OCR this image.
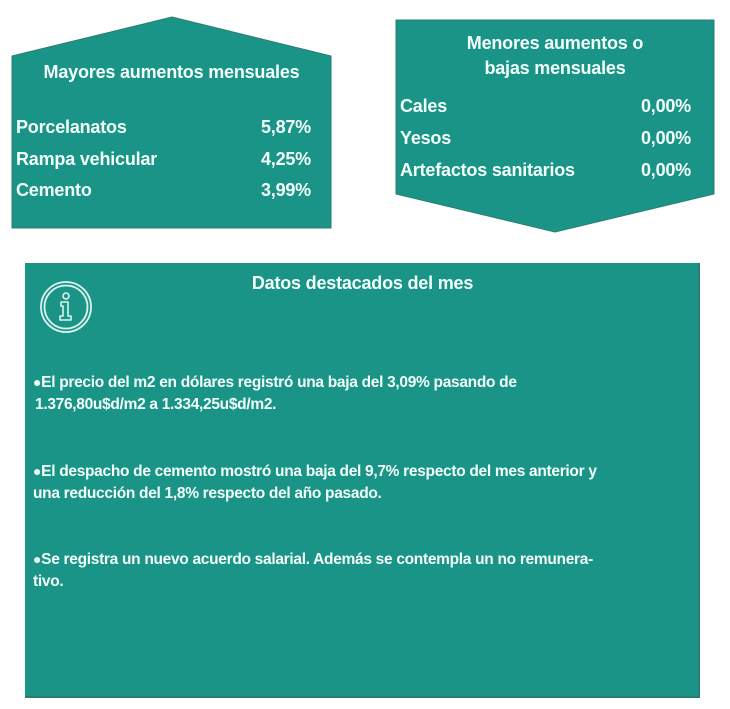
Mayores aumentos mensuales
Porcelanatos	5,87%
Rampa vehicular	4,25%
Cemento	3,99%
Menores aumentos o
bajas mensuales
Cales	0,00%
Yesos	0,00%
Artefactos sanitarios	0,00%
Datos destacados del mes
●El precio del m2 en dólares registró una baja del 3,09% pasando de
1.376,80u$d/m2 a 1.334,25u$d/m2.
●El despacho de cemento mostró una baja del 9,7% respecto del mes anterior y
una reducción del 1,8% respecto del año pasado.
●Se registra un nuevo acuerdo salarial. Además se contempla un no remunera-
tivo.
